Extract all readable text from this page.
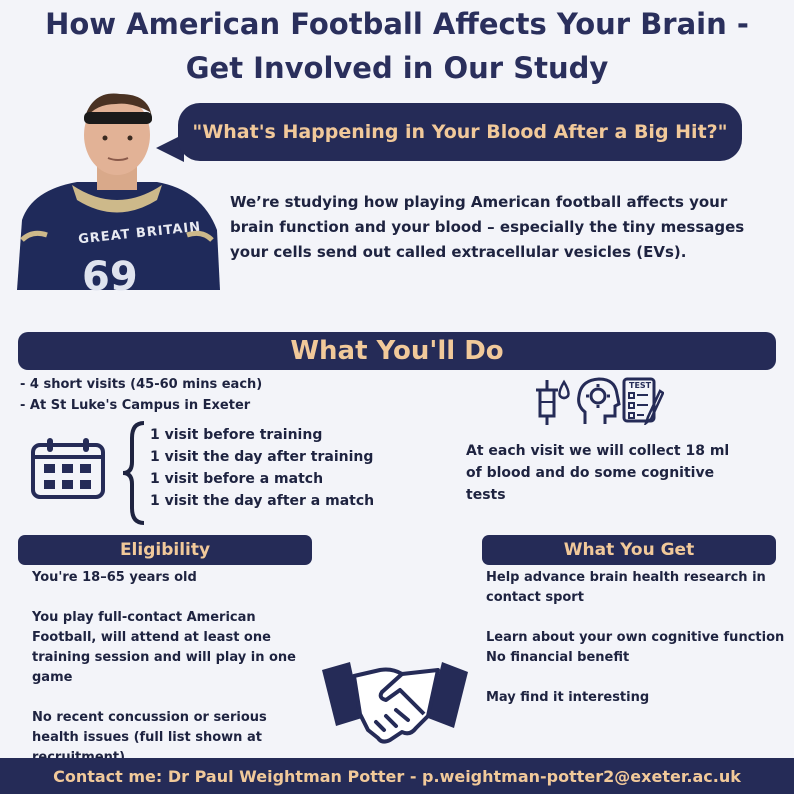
How American Football Affects Your Brain -
Get Involved in Our Study
69
GREAT BRITAIN
"What's Happening in Your Blood After a Big Hit?"
We’re studying how playing American football affects your brain function and your blood – especially the tiny messages your cells send out called extracellular vesicles (EVs).
What You'll Do
- 4 short visits (45-60 mins each)
- At St Luke's Campus in Exeter
1 visit before training
1 visit the day after training
1 visit before a match
1 visit the day after a match
TEST
At each visit we will collect 18 ml of blood and do some cognitive tests
Eligibility
You're 18–65 years old
You play full-contact American Football, will attend at least one training session and will play in one game
No recent concussion or serious health issues (full list shown at
What You Get
Help advance brain health research in contact sport
Learn about your own cognitive function
No financial benefit
May find it interesting
Contact me: Dr Paul Weightman Potter - p.weightman-potter2@exeter.ac.uk
